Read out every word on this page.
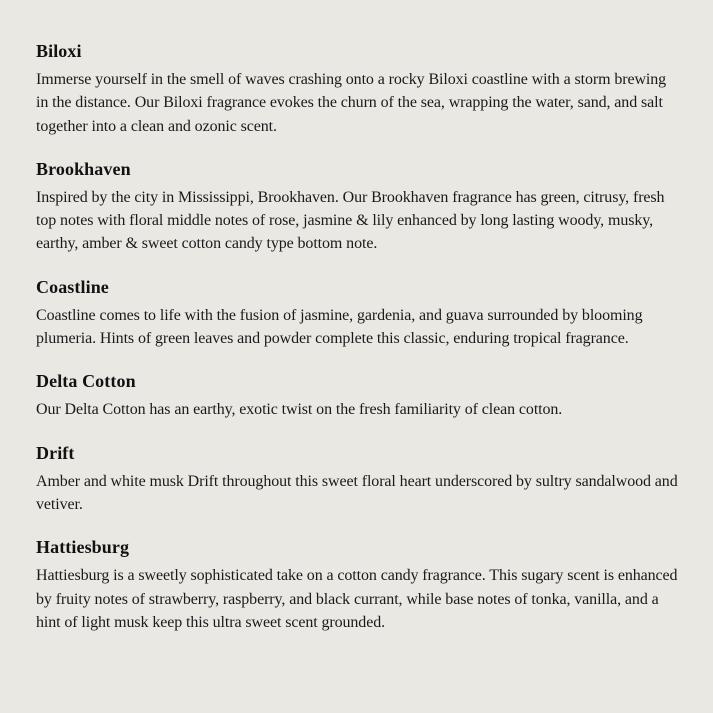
Biloxi

Immerse yourself in the smell of waves crashing onto a rocky Biloxi coastline with a storm brewing in the distance. Our Biloxi fragrance evokes the churn of the sea, wrapping the water, sand, and salt together into a clean and ozonic scent.

Brookhaven

Inspired by the city in Mississippi, Brookhaven. Our Brookhaven fragrance has green, citrusy, fresh top notes with floral middle notes of rose, jasmine & lily enhanced by long lasting woody, musky, earthy, amber & sweet cotton candy type bottom note.

Coastline

Coastline comes to life with the fusion of jasmine, gardenia, and guava surrounded by blooming plumeria. Hints of green leaves and powder complete this classic, enduring tropical fragrance.

Delta Cotton

Our Delta Cotton has an earthy, exotic twist on the fresh familiarity of clean cotton.

Drift

Amber and white musk Drift throughout this sweet floral heart underscored by sultry sandalwood and vetiver.

Hattiesburg

Hattiesburg is a sweetly sophisticated take on a cotton candy fragrance. This sugary scent is enhanced by fruity notes of strawberry, raspberry, and black currant, while base notes of tonka, vanilla, and a hint of light musk keep this ultra sweet scent grounded.
